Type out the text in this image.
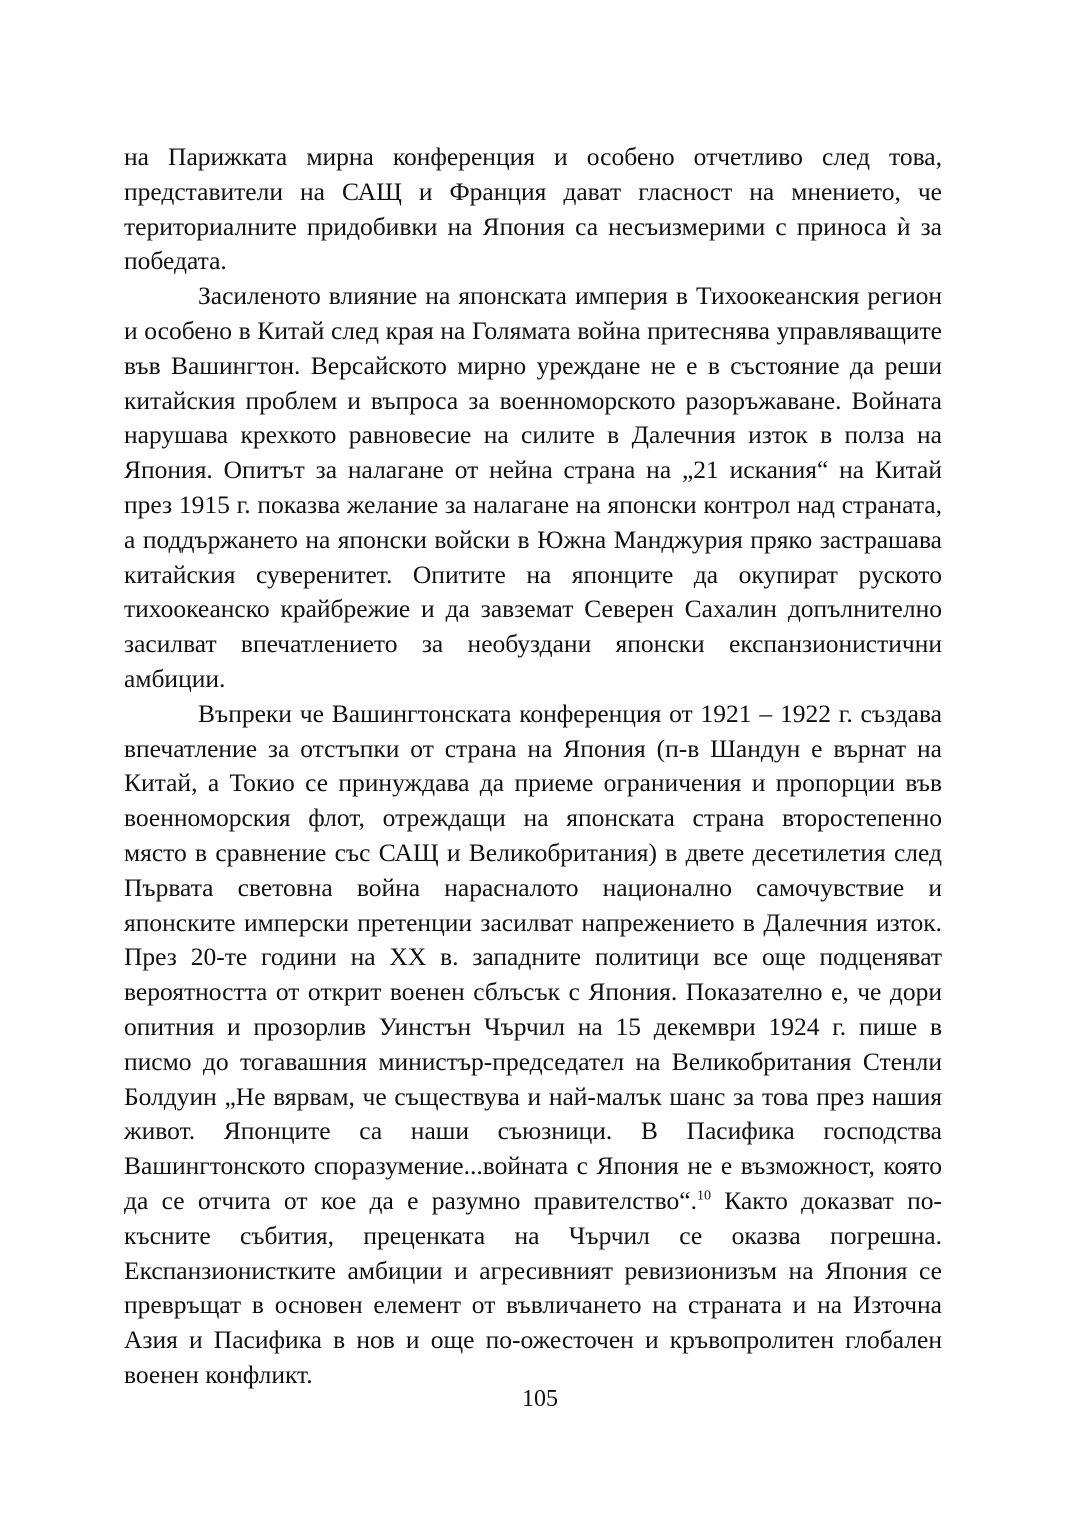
на Парижката мирна конференция и особено отчетливо след това, представители на САЩ и Франция дават гласност на мнението, че териториалните придобивки на Япония са несъизмерими с приноса ѝ за победата.

Засиленото влияние на японската империя в Тихоокеанския регион и особено в Китай след края на Голямата война притеснява управляващите във Вашингтон. Версайското мирно уреждане не е в състояние да реши китайския проблем и въпроса за военноморското разоръжаване. Войната нарушава крехкото равновесие на силите в Далечния изток в полза на Япония. Опитът за налагане от нейна страна на „21 искания“ на Китай през 1915 г. показва желание за налагане на японски контрол над страната, а поддържането на японски войски в Южна Манджурия пряко застрашава китайския суверенитет. Опитите на японците да окупират руското тихоокеанско крайбрежие и да завземат Северен Сахалин допълнително засилват впечатлението за необуздани японски експанзионистични амбиции.

Въпреки че Вашингтонската конференция от 1921 – 1922 г. създава впечатление за отстъпки от страна на Япония (п-в Шандун е върнат на Китай, а Токио се принуждава да приеме ограничения и пропорции във военноморския флот, отреждащи на японската страна второстепенно място в сравнение със САЩ и Великобритания) в двете десетилетия след Първата световна война нарасналото национално самочувствие и японските имперски претенции засилват напрежението в Далечния изток. През 20-те години на XX в. западните политици все още подценяват вероятността от открит военен сблъсък с Япония. Показателно е, че дори опитния и прозорлив Уинстън Чърчил на 15 декември 1924 г. пише в писмо до тогавашния министър-председател на Великобритания Стенли Болдуин „Не вярвам, че съществува и най-малък шанс за това през нашия живот. Японците са наши съюзници. В Пасифика господства Вашингтонското споразумение...войната с Япония не е възможност, която да се отчита от кое да е разумно правителство“.$^{10}$ Както доказват по-късните събития, преценката на Чърчил се оказва погрешна. Експанзионистките амбиции и агресивният ревизионизъм на Япония се превръщат в основен елемент от въвличането на страната и на Източна Азия и Пасифика в нов и още по-ожесточен и кръвопролитен глобален военен конфликт.

105
